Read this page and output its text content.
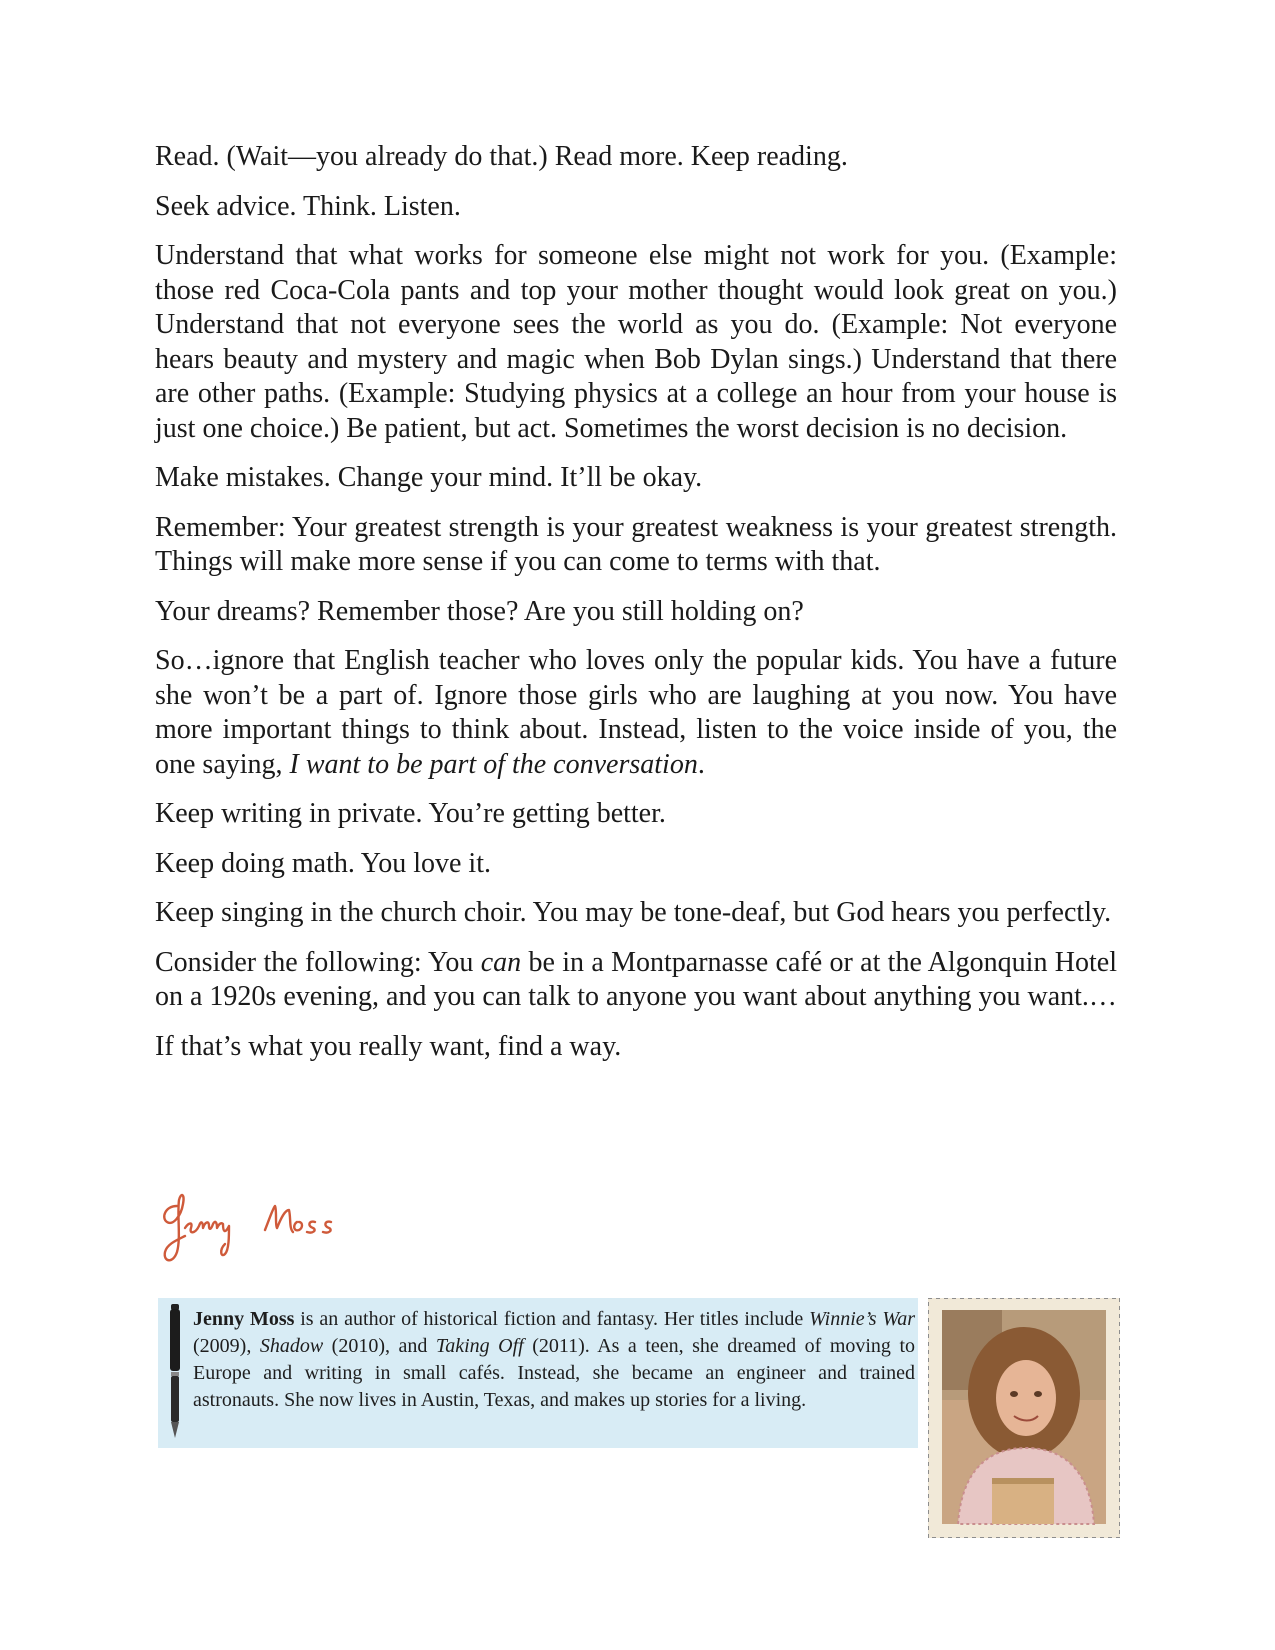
Read. (Wait—you already do that.) Read more. Keep reading.

Seek advice. Think. Listen.

Understand that what works for someone else might not work for you. (Example: those red Coca-Cola pants and top your mother thought would look great on you.) Understand that not everyone sees the world as you do. (Example: Not everyone hears beauty and mystery and magic when Bob Dylan sings.) Understand that there are other paths. (Example: Studying physics at a college an hour from your house is just one choice.) Be patient, but act. Sometimes the worst decision is no decision.

Make mistakes. Change your mind. It’ll be okay.

Remember: Your greatest strength is your greatest weakness is your greatest strength. Things will make more sense if you can come to terms with that.

Your dreams? Remember those? Are you still holding on?

So…ignore that English teacher who loves only the popular kids. You have a future she won’t be a part of. Ignore those girls who are laughing at you now. You have more important things to think about. Instead, listen to the voice inside of you, the one saying, I want to be part of the conversation.

Keep writing in private. You’re getting better.

Keep doing math. You love it.

Keep singing in the church choir. You may be tone-deaf, but God hears you perfectly.

Consider the following: You can be in a Montparnasse café or at the Algonquin Hotel on a 1920s evening, and you can talk to anyone you want about anything you want.…

If that’s what you really want, find a way.

Jenny Moss is an author of historical fiction and fantasy. Her titles include Winnie’s War (2009), Shadow (2010), and Taking Off (2011). As a teen, she dreamed of moving to Europe and writing in small cafés. Instead, she became an engineer and trained astronauts. She now lives in Austin, Texas, and makes up stories for a living.
